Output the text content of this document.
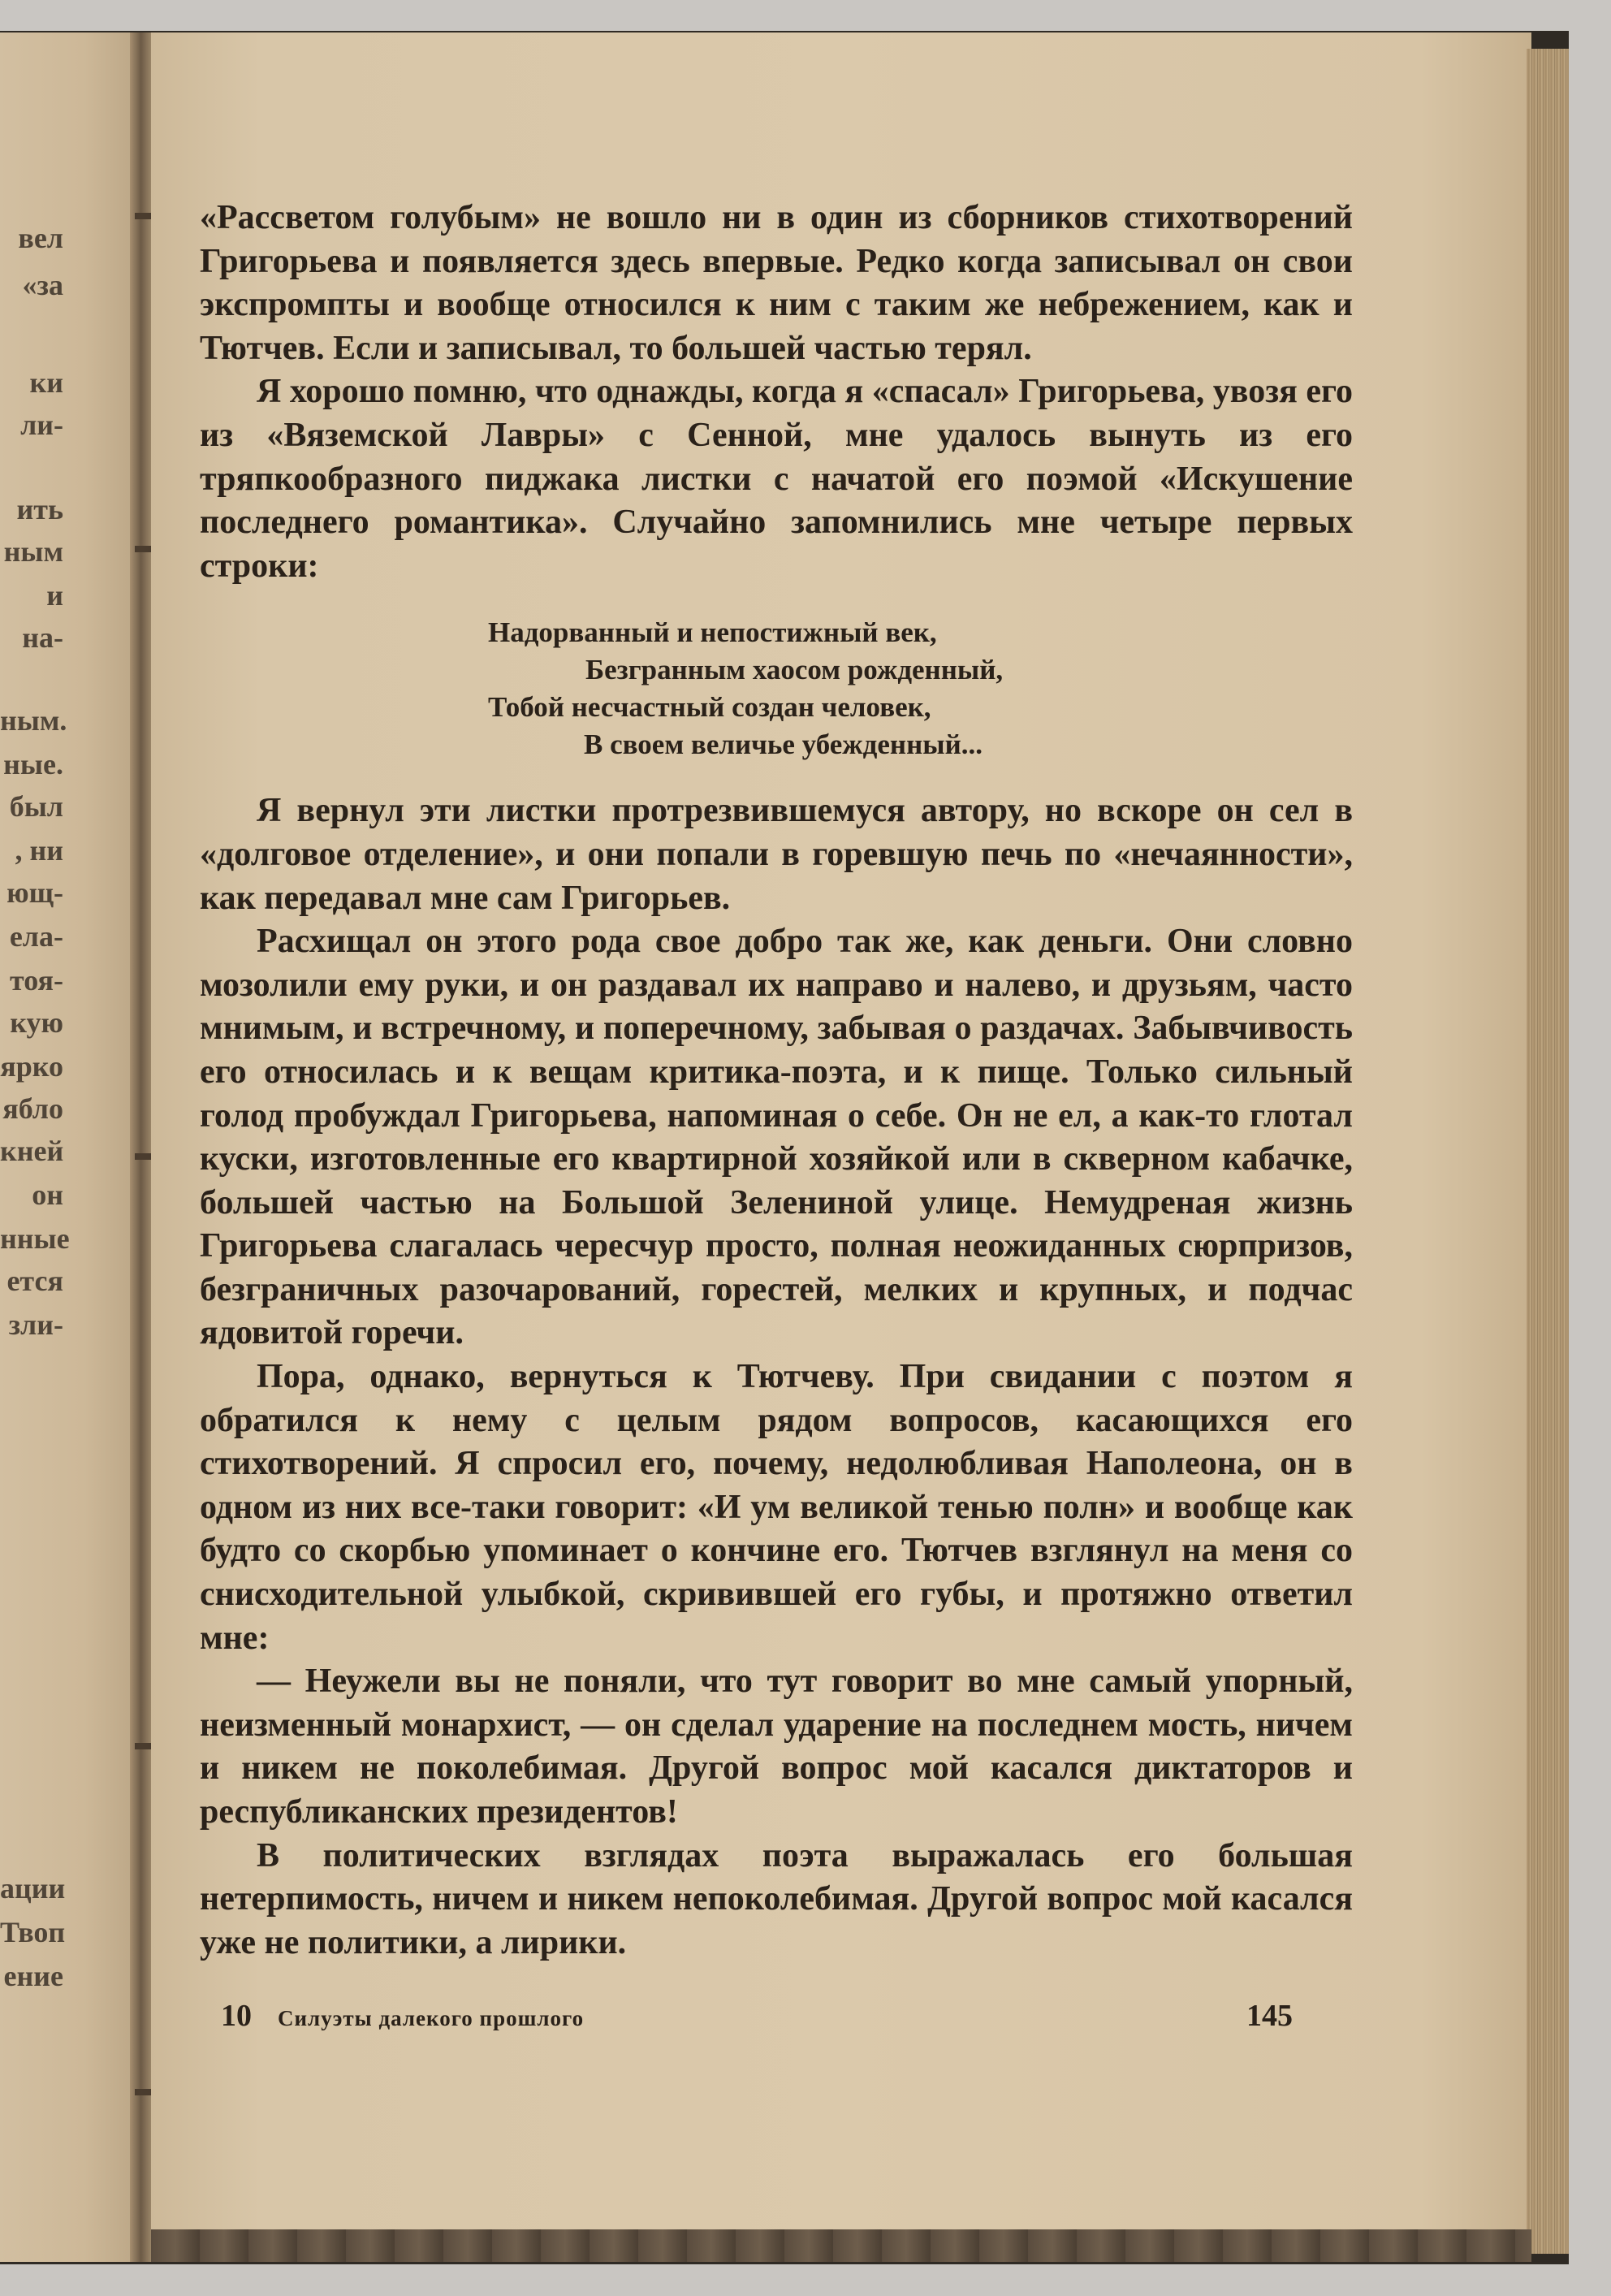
вел
«за
ки
ли-
ить
ным
и
на-
ным.
ные.
был
, ни
ющ-
ела-
тоя-
кую
ярко
ябло
кней
он
нные
ется
зли-
ации
Твоп
ение

«Рассветом голубым» не вошло ни в один из сборников стихотворений Григорьева и появляется здесь впервые. Редко когда записывал он свои экспромпты и вообще относился к ним с таким же небрежением, как и Тютчев. Если и записывал, то большей частью терял.

Я хорошо помню, что однажды, когда я «спасал» Григорьева, увозя его из «Вяземской Лавры» с Сенной, мне удалось вынуть из его тряпкообразного пиджака листки с начатой его поэмой «Искушение последнего романтика». Случайно запомнились мне четыре первых строки:

Надорванный и непостижный век,
Безгранным хаосом рожденный,
Тобой несчастный создан человек,
В своем величье убежденный...

Я вернул эти листки протрезвившемуся автору, но вскоре он сел в «долговое отделение», и они попали в горевшую печь по «нечаянности», как передавал мне сам Григорьев.

Расхищал он этого рода свое добро так же, как деньги. Они словно мозолили ему руки, и он раздавал их направо и налево, и друзьям, часто мнимым, и встречному, и поперечному, забывая о раздачах. Забывчивость его относилась и к вещам критика-поэта, и к пище. Только сильный голод пробуждал Григорьева, напоминая о себе. Он не ел, а как-то глотал куски, изготовленные его квартирной хозяйкой или в скверном кабачке, большей частью на Большой Зелениной улице. Немудреная жизнь Григорьева слагалась чересчур просто, полная неожиданных сюрпризов, безграничных разочарований, горестей, мелких и крупных, и подчас ядовитой горечи.

Пора, однако, вернуться к Тютчеву. При свидании с поэтом я обратился к нему с целым рядом вопросов, касающихся его стихотворений. Я спросил его, почему, недолюбливая Наполеона, он в одном из них все-таки говорит: «И ум великой тенью полн» и вообще как будто со скорбью упоминает о кончине его. Тютчев взглянул на меня со снисходительной улыбкой, скривившей его губы, и протяжно ответил мне:

— Неужели вы не поняли, что тут говорит во мне самый упорный, неизменный монархист, — он сделал ударение на последнем мость, ничем и никем не поколебимая. Другой вопрос мой касался диктаторов и республиканских президентов!

В политических взглядах поэта выражалась его большая нетерпимость, ничем и никем непоколебимая. Другой вопрос мой касался уже не политики, а лирики.

10 Силуэты далекого прошлого	145
